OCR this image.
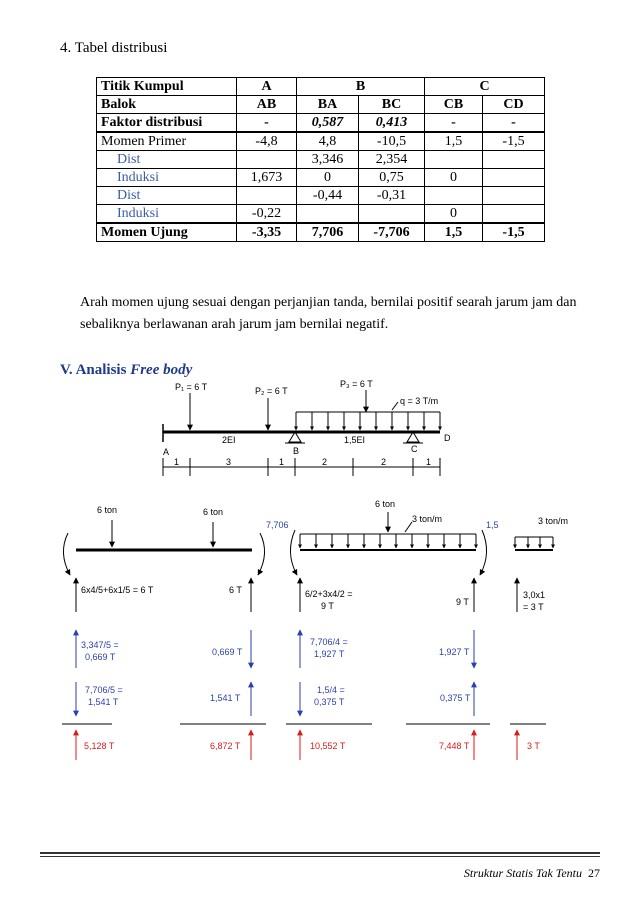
4. Tabel distribusi
Titik Kumpul	A	B		C	
Balok	AB	BA	BC	CB	CD
Faktor distribusi	-	0,587	0,413	-	-
Momen Primer	-4,8	4,8	-10,5	1,5	-1,5
Dist		3,346	2,354		
Induksi	1,673	0	0,75	0	
Dist		-0,44	-0,31		
Induksi	-0,22			0	
Momen Ujung	-3,35	7,706	-7,706	1,5	-1,5
Arah momen ujung sesuai dengan perjanjian tanda, bernilai positif searah jarum jam dan sebaliknya berlawanan arah jarum jam bernilai negatif.
V. Analisis Free body
P₁ = 6 T	P₂ = 6 T
P₃ = 6 T
q = 3 T/m
A	B	C
D
2EI	1,5EI
1	3	1	2	2	1
6 ton	6 ton
6x4/5+6x1/5 = 6 T	6 T
3,347/5 =
0,669 T	0,669 T
7,706/5 =
1,541 T	1,541 T
5,128 T	6,872 T
6 ton
3 ton/m
7,706	1,5
6/2+3x4/2 =
9 T	9 T
7,706/4 =
1,927 T	1,927 T
1,5/4 =
0,375 T	0,375 T
10,552 T	7,448 T
3 ton/m
3,0x1
= 3 T
3 T
Struktur Statis Tak Tentu 27
